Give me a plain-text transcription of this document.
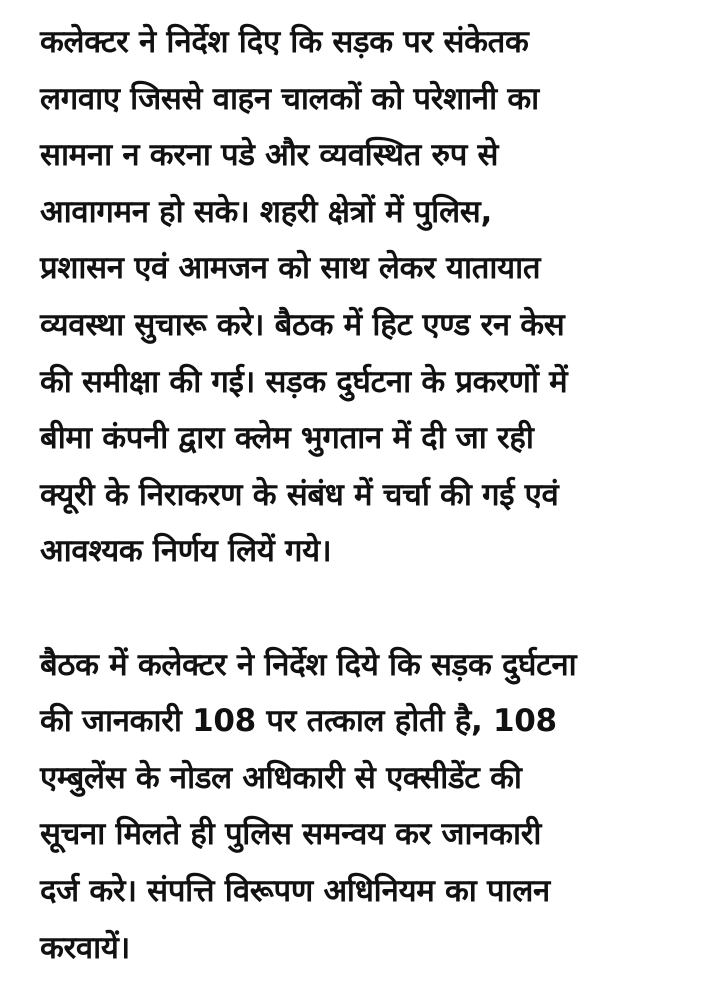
कलेक्टर ने निर्देश दिए कि सड़क पर संकेतक
लगवाए जिससे वाहन चालकों को परेशानी का
सामना न करना पडे और व्यवस्थित रुप से
आवागमन हो सके। शहरी क्षेत्रों में पुलिस,
प्रशासन एवं आमजन को साथ लेकर यातायात
व्यवस्था सुचारू करे। बैठक में हिट एण्ड रन केस
की समीक्षा की गई। सड़क दुर्घटना के प्रकरणों में
बीमा कंपनी द्वारा क्लेम भुगतान में दी जा रही
क्यूरी के निराकरण के संबंध में चर्चा की गई एवं
आवश्यक निर्णय लियें गये।

बैठक में कलेक्टर ने निर्देश दिये कि सड़क दुर्घटना
की जानकारी 108 पर तत्काल होती है, 108
एम्बुलेंस के नोडल अधिकारी से एक्सीडेंट की
सूचना मिलते ही पुलिस समन्वय कर जानकारी
दर्ज करे। संपत्ति विरूपण अधिनियम का पालन
करवायें।
